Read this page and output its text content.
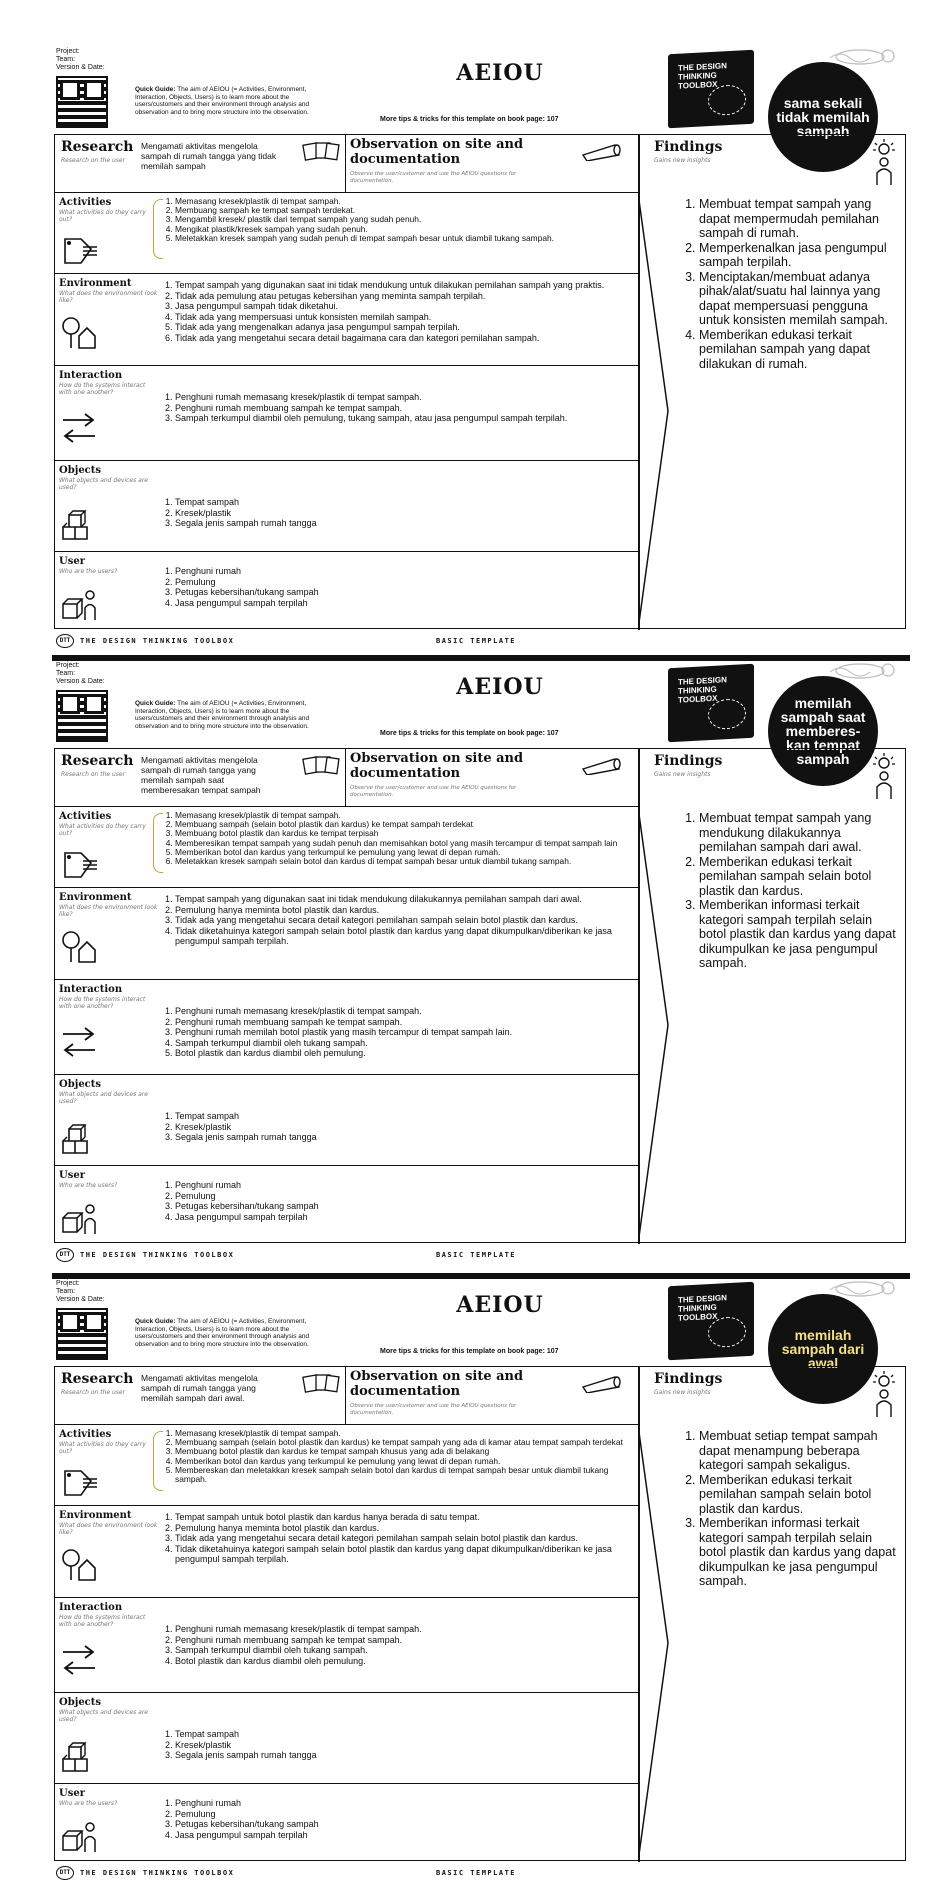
Project:
Team:
Version & Date:
Quick Guide: The aim of AEIOU (= Activities, Environment, Interaction, Objects, Users) is to learn more about the users/customers and their environment through analysis and observation and to bring more structure into the observation.
AEIOU
More tips & tricks for this template on book page: 107
THE DESIGN THINKING TOOLBOX
sama sekali tidak memilah sampah
Research
Research on the user
Mengamati aktivitas mengelola sampah di rumah tangga yang tidak memilah sampah
Observation on site and documentation
Observe the user/customer and use the AEIOU questions for documentation.
Findings
Gains new insights
1. Membuat tempat sampah yang dapat mempermudah pemilahan sampah di rumah.
2. Memperkenalkan jasa pengumpul sampah terpilah.
3. Menciptakan/membuat adanya pihak/alat/suatu hal lainnya yang dapat mempersuasi pengguna untuk konsisten memilah sampah.
4. Memberikan edukasi terkait pemilahan sampah yang dapat dilakukan di rumah.
Activities
What activities do they carry out?
1. Memasang kresek/plastik di tempat sampah.
2. Membuang sampah ke tempat sampah terdekat.
3. Mengambil kresek/ plastik dari tempat sampah yang sudah penuh.
4. Mengikat plastik/kresek sampah yang sudah penuh.
5. Meletakkan kresek sampah yang sudah penuh di tempat sampah besar untuk diambil tukang sampah.
Environment
What does the environment look like?
1. Tempat sampah yang digunakan saat ini tidak mendukung untuk dilakukan pemilahan sampah yang praktis.
2. Tidak ada pemulung atau petugas kebersihan yang meminta sampah terpilah.
3. Jasa pengumpul sampah tidak diketahui.
4. Tidak ada yang mempersuasi untuk konsisten memilah sampah.
5. Tidak ada yang mengenalkan adanya jasa pengumpul sampah terpilah.
6. Tidak ada yang mengetahui secara detail bagaimana cara dan kategori pemilahan sampah.
Interaction
How do the systems interact with one another?	1. Penghuni rumah memasang kresek/plastik di tempat sampah.
2. Penghuni rumah membuang sampah ke tempat sampah.
3. Sampah terkumpul diambil oleh pemulung, tukang sampah, atau jasa pengumpul sampah terpilah.
Objects
What objects and devices are used?
1. Tempat sampah
2. Kresek/plastik
3. Segala jenis sampah rumah tangga
User
Who are the users?	1. Penghuni rumah
2. Pemulung
3. Petugas kebersihan/tukang sampah
4. Jasa pengumpul sampah terpilah
DTT	THE DESIGN THINKING TOOLBOX	BASIC TEMPLATE
Project:
Team:
Version & Date:
Quick Guide: The aim of AEIOU (= Activities, Environment, Interaction, Objects, Users) is to learn more about the users/customers and their environment through analysis and observation and to bring more structure into the observation.
AEIOU
More tips & tricks for this template on book page: 107
THE DESIGN THINKING TOOLBOX	memilah sampah saat memberes-kan tempat sampah
Research
Research on the user
Mengamati aktivitas mengelola sampah di rumah tangga yang memilah sampah saat memberesakan tempat sampah
Observation on site and documentation
Observe the user/customer and use the AEIOU questions for documentation.
Findings
Gains new insights
1. Membuat tempat sampah yang mendukung dilakukannya pemilahan sampah dari awal.
2. Memberikan edukasi terkait pemilahan sampah selain botol plastik dan kardus.
3. Memberikan informasi terkait kategori sampah terpilah selain botol plastik dan kardus yang dapat dikumpulkan ke jasa pengumpul sampah.
Activities
What activities do they carry out?
1. Memasang kresek/plastik di tempat sampah.
2. Membuang sampah (selain botol plastik dan kardus) ke tempat sampah terdekat
3. Membuang botol plastik dan kardus ke tempat terpisah
4. Memberesikan tempat sampah yang sudah penuh dan memisahkan botol yang masih tercampur di tempat sampah lain
5. Memberikan botol dan kardus yang terkumpul ke pemulung yang lewat di depan rumah.
6. Meletakkan kresek sampah selain botol dan kardus di tempat sampah besar untuk diambil tukang sampah.
Environment
What does the environment look like?
1. Tempat sampah yang digunakan saat ini tidak mendukung dilakukannya pemilahan sampah dari awal.
2. Pemulung hanya meminta botol plastik dan kardus.
3. Tidak ada yang mengetahui secara detail kategori pemilahan sampah selain botol plastik dan kardus.
4. Tidak diketahuinya kategori sampah selain botol plastik dan kardus yang dapat dikumpulkan/diberikan ke jasa pengumpul sampah terpilah.
Interaction
How do the systems interact with one another?	1. Penghuni rumah memasang kresek/plastik di tempat sampah.
2. Penghuni rumah membuang sampah ke tempat sampah.
3. Penghuni rumah memilah botol plastik yang masih tercampur di tempat sampah lain.
4. Sampah terkumpul diambil oleh tukang sampah.
5. Botol plastik dan kardus diambil oleh pemulung.
Objects
What objects and devices are used?
1. Tempat sampah
2. Kresek/plastik
3. Segala jenis sampah rumah tangga
User
Who are the users?	1. Penghuni rumah
2. Pemulung
3. Petugas kebersihan/tukang sampah
4. Jasa pengumpul sampah terpilah
DTT	THE DESIGN THINKING TOOLBOX	BASIC TEMPLATE
Project:
Team:
Version & Date:
Quick Guide: The aim of AEIOU (= Activities, Environment, Interaction, Objects, Users) is to learn more about the users/customers and their environment through analysis and observation and to bring more structure into the observation.
AEIOU
More tips & tricks for this template on book page: 107
THE DESIGN THINKING TOOLBOX
memilah sampah dari awal
Research
Research on the user
Mengamati aktivitas mengelola sampah di rumah tangga yang memilah sampah dari awal.
Observation on site and documentation
Observe the user/customer and use the AEIOU questions for documentation.
Findings
Gains new insights
1. Membuat setiap tempat sampah dapat menampung beberapa kategori sampah sekaligus.
2. Memberikan edukasi terkait pemilahan sampah selain botol plastik dan kardus.
3. Memberikan informasi terkait kategori sampah terpilah selain botol plastik dan kardus yang dapat dikumpulkan ke jasa pengumpul sampah.
Activities
What activities do they carry out?
1. Memasang kresek/plastik di tempat sampah.
2. Membuang sampah (selain botol plastik dan kardus) ke tempat sampah yang ada di kamar atau tempat sampah terdekat
3. Membuang botol plastik dan kardus ke tempat sampah khusus yang ada di belakang
4. Memberikan botol dan kardus yang terkumpul ke pemulung yang lewat di depan rumah.
5. Membereskan dan meletakkan kresek sampah selain botol dan kardus di tempat sampah besar untuk diambil tukang sampah.
Environment
What does the environment look like?
1. Tempat sampah untuk botol plastik dan kardus hanya berada di satu tempat.
2. Pemulung hanya meminta botol plastik dan kardus.
3. Tidak ada yang mengetahui secara detail kategori pemilahan sampah selain botol plastik dan kardus.
4. Tidak diketahuinya kategori sampah selain botol plastik dan kardus yang dapat dikumpulkan/diberikan ke jasa pengumpul sampah terpilah.
Interaction
How do the systems interact with one another?	1. Penghuni rumah memasang kresek/plastik di tempat sampah.
2. Penghuni rumah membuang sampah ke tempat sampah.
3. Sampah terkumpul diambil oleh tukang sampah.
4. Botol plastik dan kardus diambil oleh pemulung.
Objects
What objects and devices are used?
1. Tempat sampah
2. Kresek/plastik
3. Segala jenis sampah rumah tangga
User
Who are the users?	1. Penghuni rumah
2. Pemulung
3. Petugas kebersihan/tukang sampah
4. Jasa pengumpul sampah terpilah
DTT	THE DESIGN THINKING TOOLBOX	BASIC TEMPLATE
